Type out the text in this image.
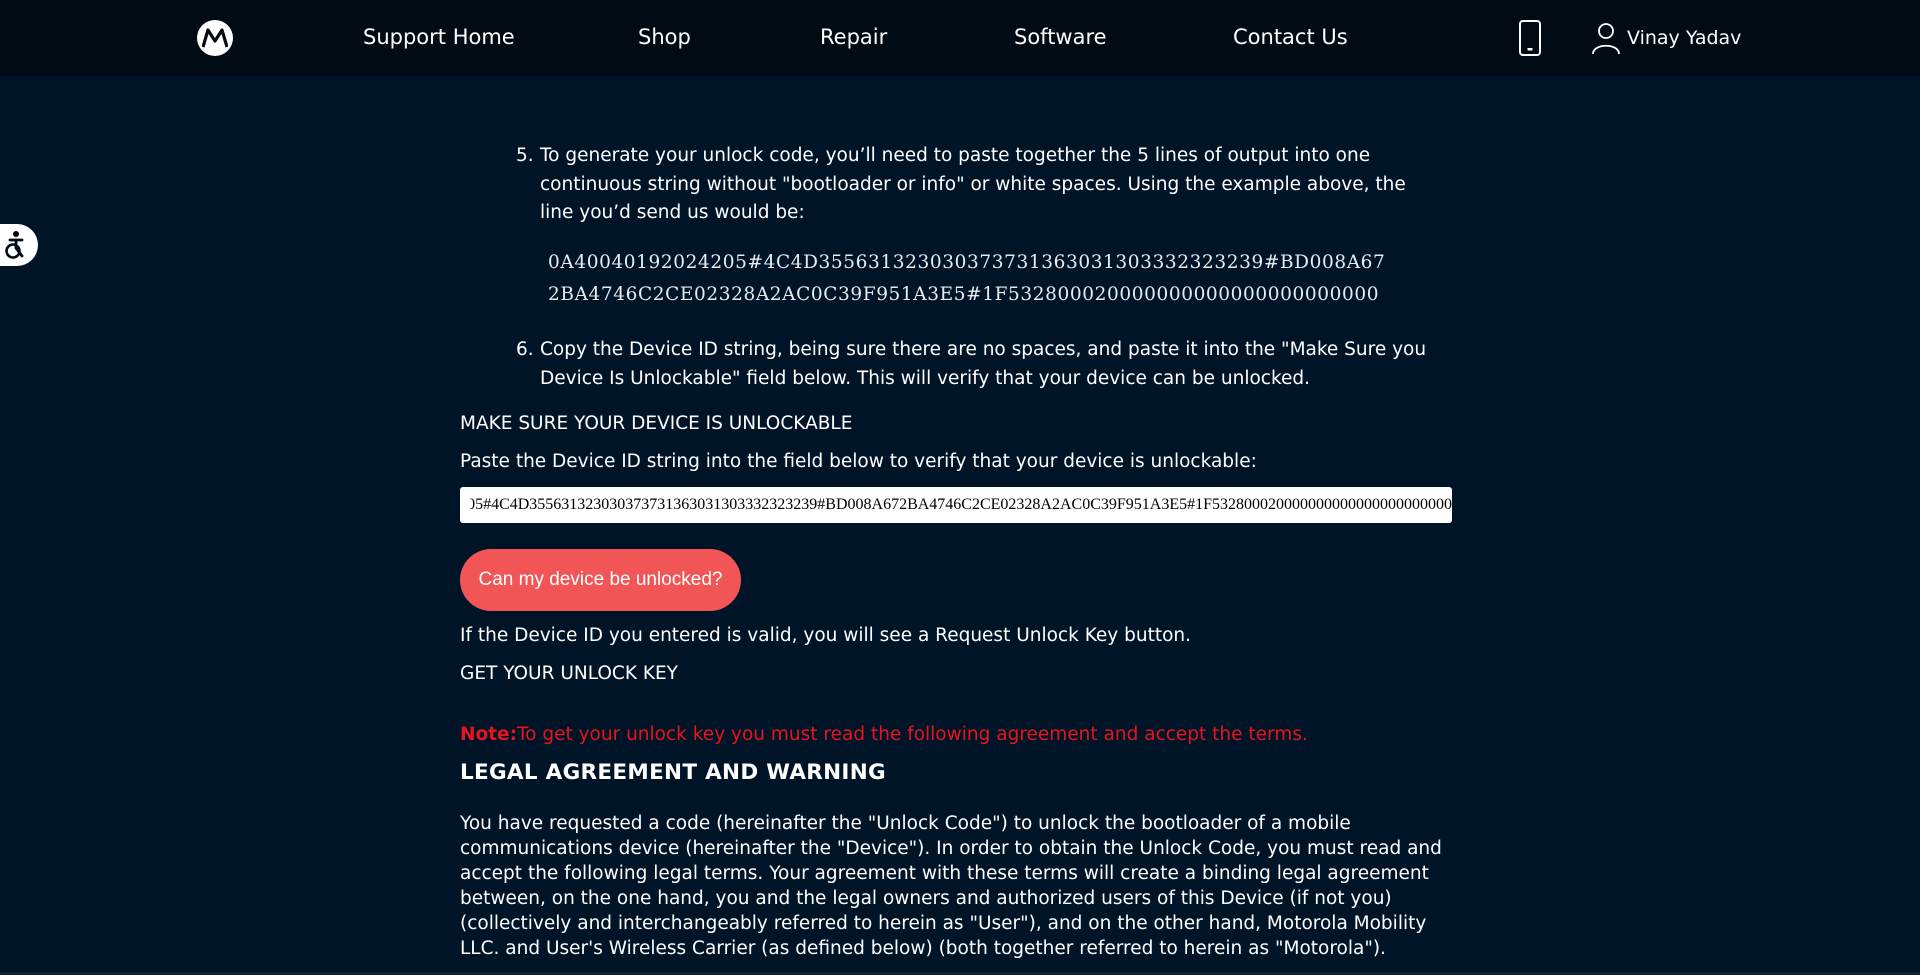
Support Home	Shop	Repair	Software	Contact Us	Vinay Yadav
5. To generate your unlock code, you’ll need to paste together the 5 lines of output into one continuous string without "bootloader or info" or white spaces. Using the example above, the line you’d send us would be:
0A40040192024205#4C4D355631323030373731363031303332323239#BD008A67
2BA4746C2CE02328A2AC0C39F951A3E5#1F532800020000000000000000000000
6. Copy the Device ID string, being sure there are no spaces, and paste it into the "Make Sure you Device Is Unlockable" field below. This will verify that your device can be unlocked.
MAKE SURE YOUR DEVICE IS UNLOCKABLE
Paste the Device ID string into the field below to verify that your device is unlockable:
0A40040192024205#4C4D355631323030373731363031303332323239#BD008A672BA4746C2CE02328A2AC0C39F951A3E5#1F532800020000000000000000000000
Can my device be unlocked?
If the Device ID you entered is valid, you will see a Request Unlock Key button.
GET YOUR UNLOCK KEY
Note:To get your unlock key you must read the following agreement and accept the terms.
LEGAL AGREEMENT AND WARNING
You have requested a code (hereinafter the "Unlock Code") to unlock the bootloader of a mobile communications device (hereinafter the "Device"). In order to obtain the Unlock Code, you must read and accept the following legal terms. Your agreement with these terms will create a binding legal agreement between, on the one hand, you and the legal owners and authorized users of this Device (if not you) (collectively and interchangeably referred to herein as "User"), and on the other hand, Motorola Mobility LLC. and User's Wireless Carrier (as defined below) (both together referred to herein as "Motorola").
